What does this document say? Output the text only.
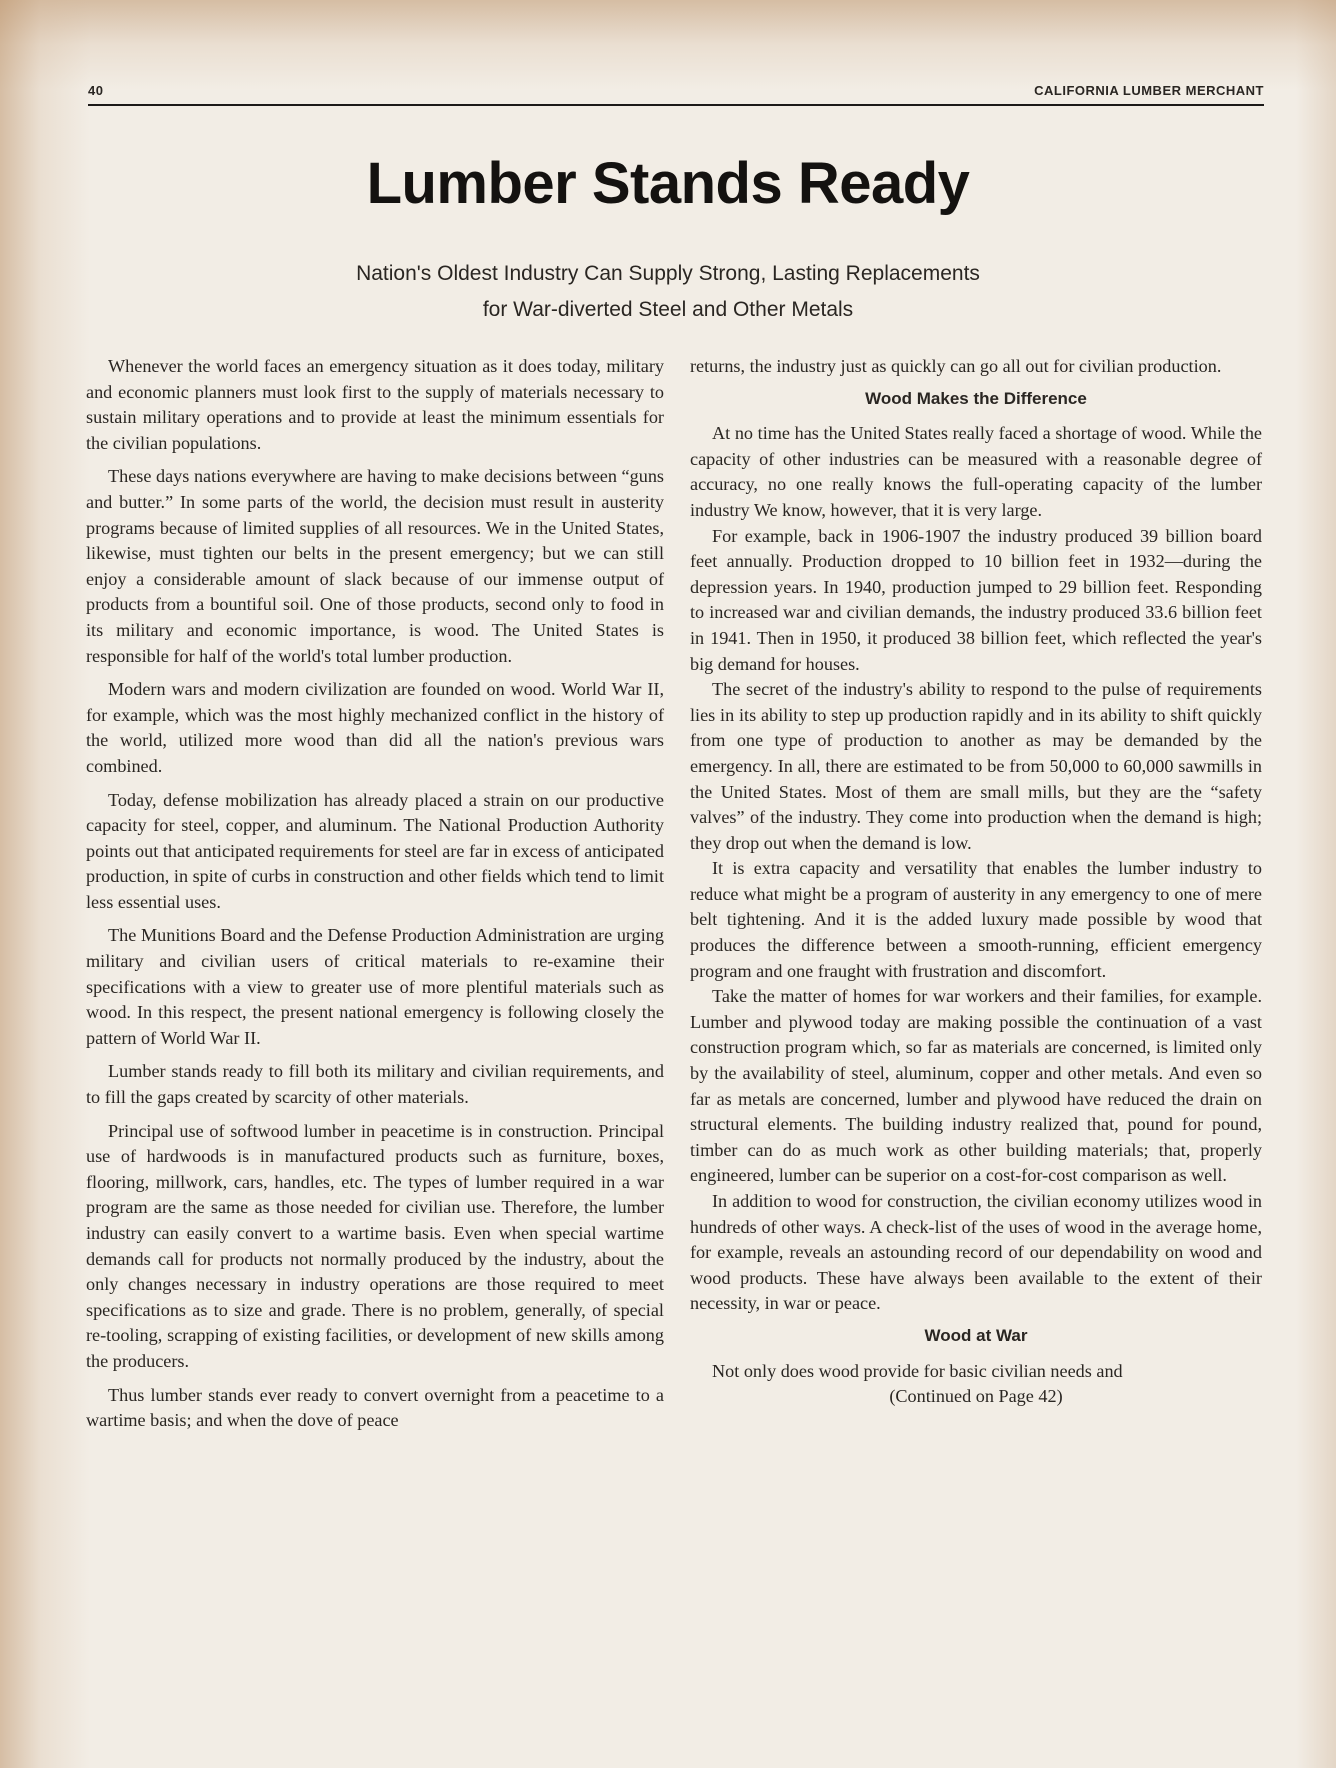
40	CALIFORNIA LUMBER MERCHANT
Lumber Stands Ready
Nation's Oldest Industry Can Supply Strong, Lasting Replacements
for War-diverted Steel and Other Metals

Whenever the world faces an emergency situation as it does today, military and economic planners must look first to the supply of materials necessary to sustain military operations and to provide at least the minimum essentials for the civilian populations.

These days nations everywhere are having to make decisions between “guns and butter.” In some parts of the world, the decision must result in austerity programs because of limited supplies of all resources. We in the United States, likewise, must tighten our belts in the present emergency; but we can still enjoy a considerable amount of slack because of our immense output of products from a bountiful soil. One of those products, second only to food in its military and economic importance, is wood. The United States is responsible for half of the world's total lumber production.

Modern wars and modern civilization are founded on wood. World War II, for example, which was the most highly mechanized conflict in the history of the world, utilized more wood than did all the nation's previous wars combined.

Today, defense mobilization has already placed a strain on our productive capacity for steel, copper, and aluminum. The National Production Authority points out that anticipated requirements for steel are far in excess of anticipated production, in spite of curbs in construction and other fields which tend to limit less essential uses.

The Munitions Board and the Defense Production Administration are urging military and civilian users of critical materials to re-examine their specifications with a view to greater use of more plentiful materials such as wood. In this respect, the present national emergency is following closely the pattern of World War II.

Lumber stands ready to fill both its military and civilian requirements, and to fill the gaps created by scarcity of other materials.

Principal use of softwood lumber in peacetime is in construction. Principal use of hardwoods is in manufactured products such as furniture, boxes, flooring, millwork, cars, handles, etc. The types of lumber required in a war program are the same as those needed for civilian use. Therefore, the lumber industry can easily convert to a wartime basis. Even when special wartime demands call for products not normally produced by the industry, about the only changes necessary in industry operations are those required to meet specifications as to size and grade. There is no problem, generally, of special re-tooling, scrapping of existing facilities, or development of new skills among the producers.

Thus lumber stands ever ready to convert overnight from a peacetime to a wartime basis; and when the dove of peace

returns, the industry just as quickly can go all out for civilian production.

Wood Makes the Difference

At no time has the United States really faced a shortage of wood. While the capacity of other industries can be measured with a reasonable degree of accuracy, no one really knows the full-operating capacity of the lumber industry We know, however, that it is very large.

For example, back in 1906-1907 the industry produced 39 billion board feet annually. Production dropped to 10 billion feet in 1932—during the depression years. In 1940, production jumped to 29 billion feet. Responding to increased war and civilian demands, the industry produced 33.6 billion feet in 1941. Then in 1950, it produced 38 billion feet, which reflected the year's big demand for houses.

The secret of the industry's ability to respond to the pulse of requirements lies in its ability to step up production rapidly and in its ability to shift quickly from one type of production to another as may be demanded by the emergency. In all, there are estimated to be from 50,000 to 60,000 sawmills in the United States. Most of them are small mills, but they are the “safety valves” of the industry. They come into production when the demand is high; they drop out when the demand is low.

It is extra capacity and versatility that enables the lumber industry to reduce what might be a program of austerity in any emergency to one of mere belt tightening. And it is the added luxury made possible by wood that produces the difference between a smooth-running, efficient emergency program and one fraught with frustration and discomfort.

Take the matter of homes for war workers and their families, for example. Lumber and plywood today are making possible the continuation of a vast construction program which, so far as materials are concerned, is limited only by the availability of steel, aluminum, copper and other metals. And even so far as metals are concerned, lumber and plywood have reduced the drain on structural elements. The building industry realized that, pound for pound, timber can do as much work as other building materials; that, properly engineered, lumber can be superior on a cost-for-cost comparison as well.

In addition to wood for construction, the civilian economy utilizes wood in hundreds of other ways. A check-list of the uses of wood in the average home, for example, reveals an astounding record of our dependability on wood and wood products. These have always been available to the extent of their necessity, in war or peace.

Wood at War

Not only does wood provide for basic civilian needs and

(Continued on Page 42)
